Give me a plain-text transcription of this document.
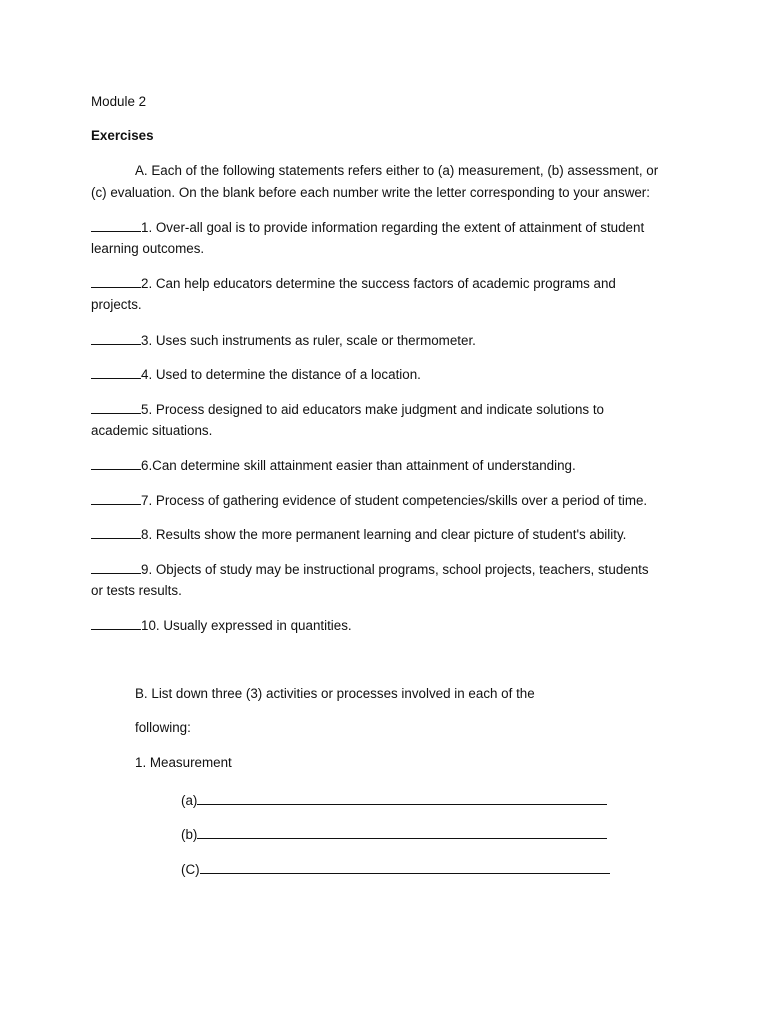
Module 2
Exercises
A. Each of the following statements refers either to (a) measurement, (b) assessment, or
(c) evaluation. On the blank before each number write the letter corresponding to your answer:
1. Over-all goal is to provide information regarding the extent of attainment of student
learning outcomes.
2. Can help educators determine the success factors of academic programs and
projects.
3. Uses such instruments as ruler, scale or thermometer.
4. Used to determine the distance of a location.
5. Process designed to aid educators make judgment and indicate solutions to
academic situations.
6.Can determine skill attainment easier than attainment of understanding.
7. Process of gathering evidence of student competencies/skills over a period of time.
8. Results show the more permanent learning and clear picture of student's ability.
9. Objects of study may be instructional programs, school projects, teachers, students
or tests results.
10. Usually expressed in quantities.
B. List down three (3) activities or processes involved in each of the
following:
1. Measurement
(a)
(b)
(C)
